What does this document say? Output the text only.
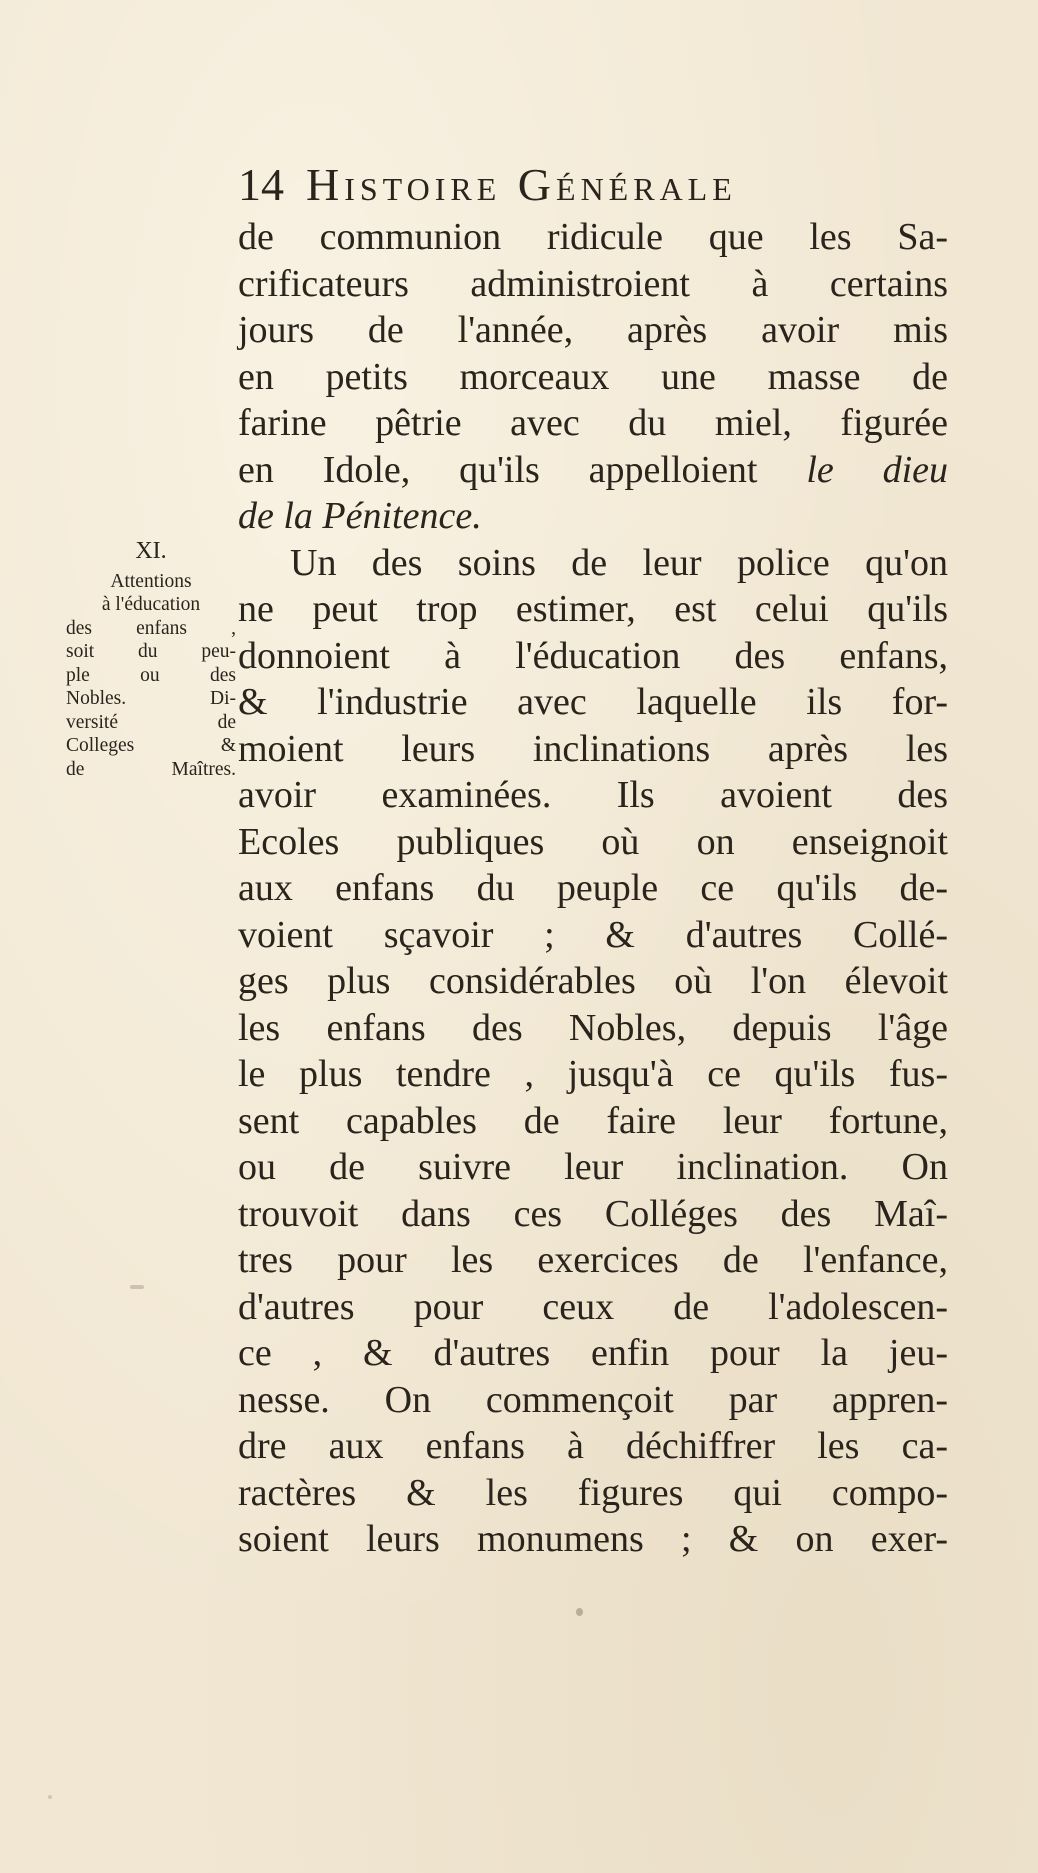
14 Histoire Générale
XI.
Attentions
à l'éducation
des enfans ,
soit du peu-
ple ou des
Nobles. Di-
versité de
Colleges &
de Maîtres.
de communion ridicule que les Sa-
crificateurs administroient à certains
jours de l'année, après avoir mis
en petits morceaux une masse de
farine pêtrie avec du miel, figurée
en Idole, qu'ils appelloient le dieu
de la Pénitence.
Un des soins de leur police qu'on
ne peut trop estimer, est celui qu'ils
donnoient à l'éducation des enfans,
& l'industrie avec laquelle ils for-
moient leurs inclinations après les
avoir examinées. Ils avoient des
Ecoles publiques où on enseignoit
aux enfans du peuple ce qu'ils de-
voient sçavoir ; & d'autres Collé-
ges plus considérables où l'on élevoit
les enfans des Nobles, depuis l'âge
le plus tendre , jusqu'à ce qu'ils fus-
sent capables de faire leur fortune,
ou de suivre leur inclination. On
trouvoit dans ces Colléges des Maî-
tres pour les exercices de l'enfance,
d'autres pour ceux de l'adolescen-
ce , & d'autres enfin pour la jeu-
nesse. On commençoit par appren-
dre aux enfans à déchiffrer les ca-
ractères & les figures qui compo-
soient leurs monumens ; & on exer-
